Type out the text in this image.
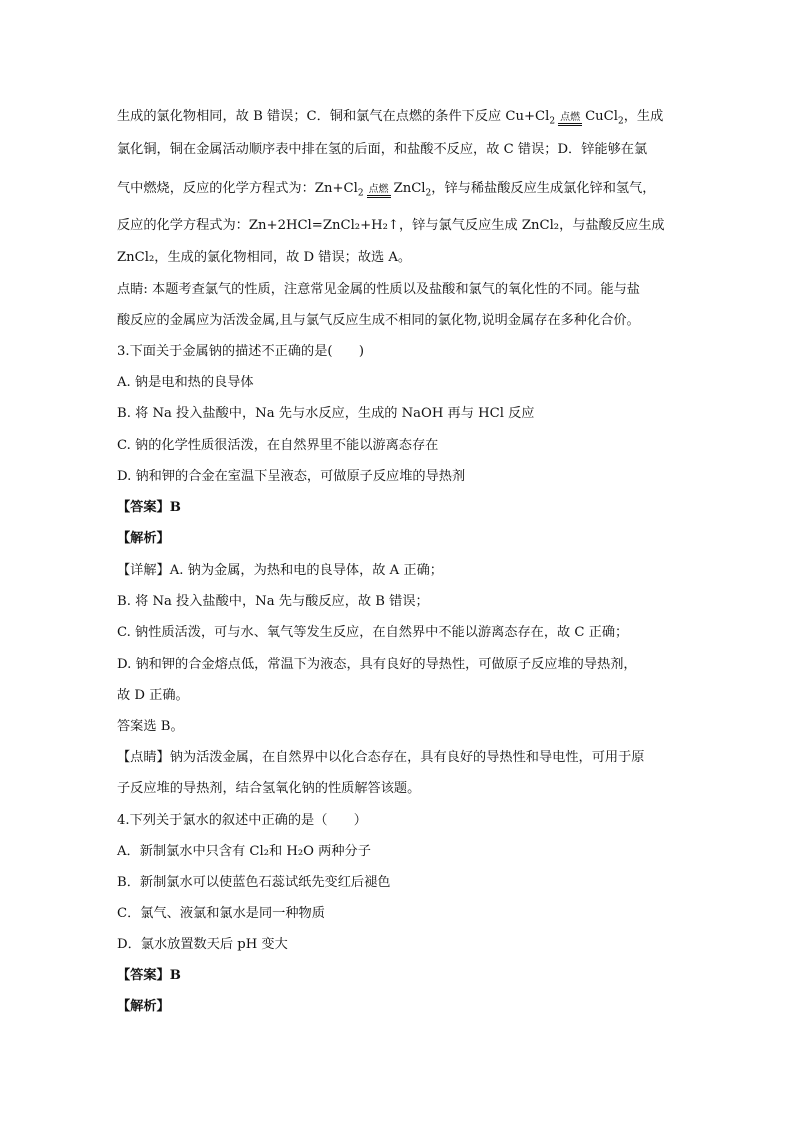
生成的氯化物相同，故 B 错误；C．铜和氯气在点燃的条件下反应 $Cu+Cl_2$ 点燃 CuCl$_2$，生成
氯化铜，铜在金属活动顺序表中排在氢的后面，和盐酸不反应，故 C 错误；D．锌能够在氯
气中燃烧，反应的化学方程式为：$Zn+Cl_2$ 点燃 ZnCl$_2$，锌与稀盐酸反应生成氯化锌和氢气，
反应的化学方程式为：Zn+2HCl=ZnCl₂+H₂↑，锌与氯气反应生成 ZnCl₂，与盐酸反应生成
ZnCl₂，生成的氯化物相同，故 D 错误；故选 A。
点睛: 本题考查氯气的性质，注意常见金属的性质以及盐酸和氯气的氧化性的不同。能与盐
酸反应的金属应为活泼金属,且与氯气反应生成不相同的氯化物,说明金属存在多种化合价。
3.下面关于金属钠的描述不正确的是(　　)
A. 钠是电和热的良导体
B. 将 Na 投入盐酸中，Na 先与水反应，生成的 NaOH 再与 HCl 反应
C. 钠的化学性质很活泼，在自然界里不能以游离态存在
D. 钠和钾的合金在室温下呈液态，可做原子反应堆的导热剂
【答案】B
【解析】
【详解】A. 钠为金属，为热和电的良导体，故 A 正确；
B. 将 Na 投入盐酸中，Na 先与酸反应，故 B 错误；
C. 钠性质活泼，可与水、氧气等发生反应，在自然界中不能以游离态存在，故 C 正确；
D. 钠和钾的合金熔点低，常温下为液态，具有良好的导热性，可做原子反应堆的导热剂，
故 D 正确。
答案选 B。
【点睛】钠为活泼金属，在自然界中以化合态存在，具有良好的导热性和导电性，可用于原
子反应堆的导热剂，结合氢氧化钠的性质解答该题。
4.下列关于氯水的叙述中正确的是（　　）
A．新制氯水中只含有 Cl₂和 H₂O 两种分子
B．新制氯水可以使蓝色石蕊试纸先变红后褪色
C．氯气、液氯和氯水是同一种物质
D．氯水放置数天后 pH 变大
【答案】B
【解析】
